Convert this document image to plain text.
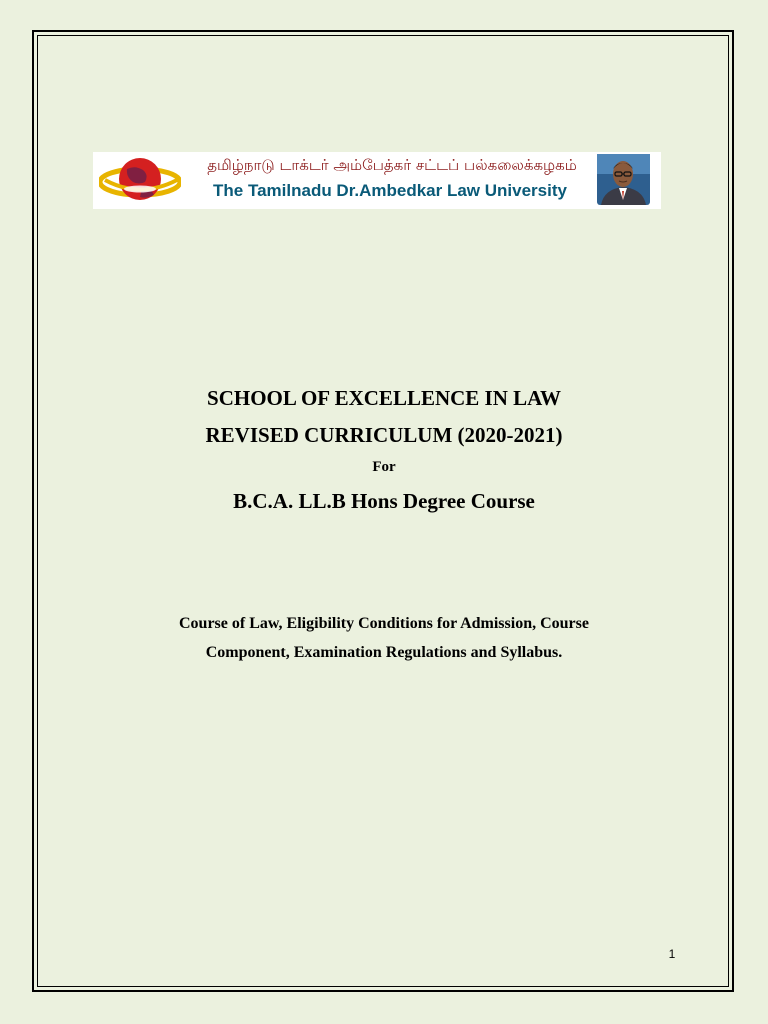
தமிழ்நாடு டாக்டர் அம்பேத்கர் சட்டப் பல்கலைக்கழகம்
The Tamilnadu Dr.Ambedkar Law University
SCHOOL OF EXCELLENCE IN LAW
REVISED CURRICULUM (2020-2021)
For
B.C.A. LL.B Hons Degree Course
Course of Law, Eligibility Conditions for Admission, Course
Component, Examination Regulations and Syllabus.
1
